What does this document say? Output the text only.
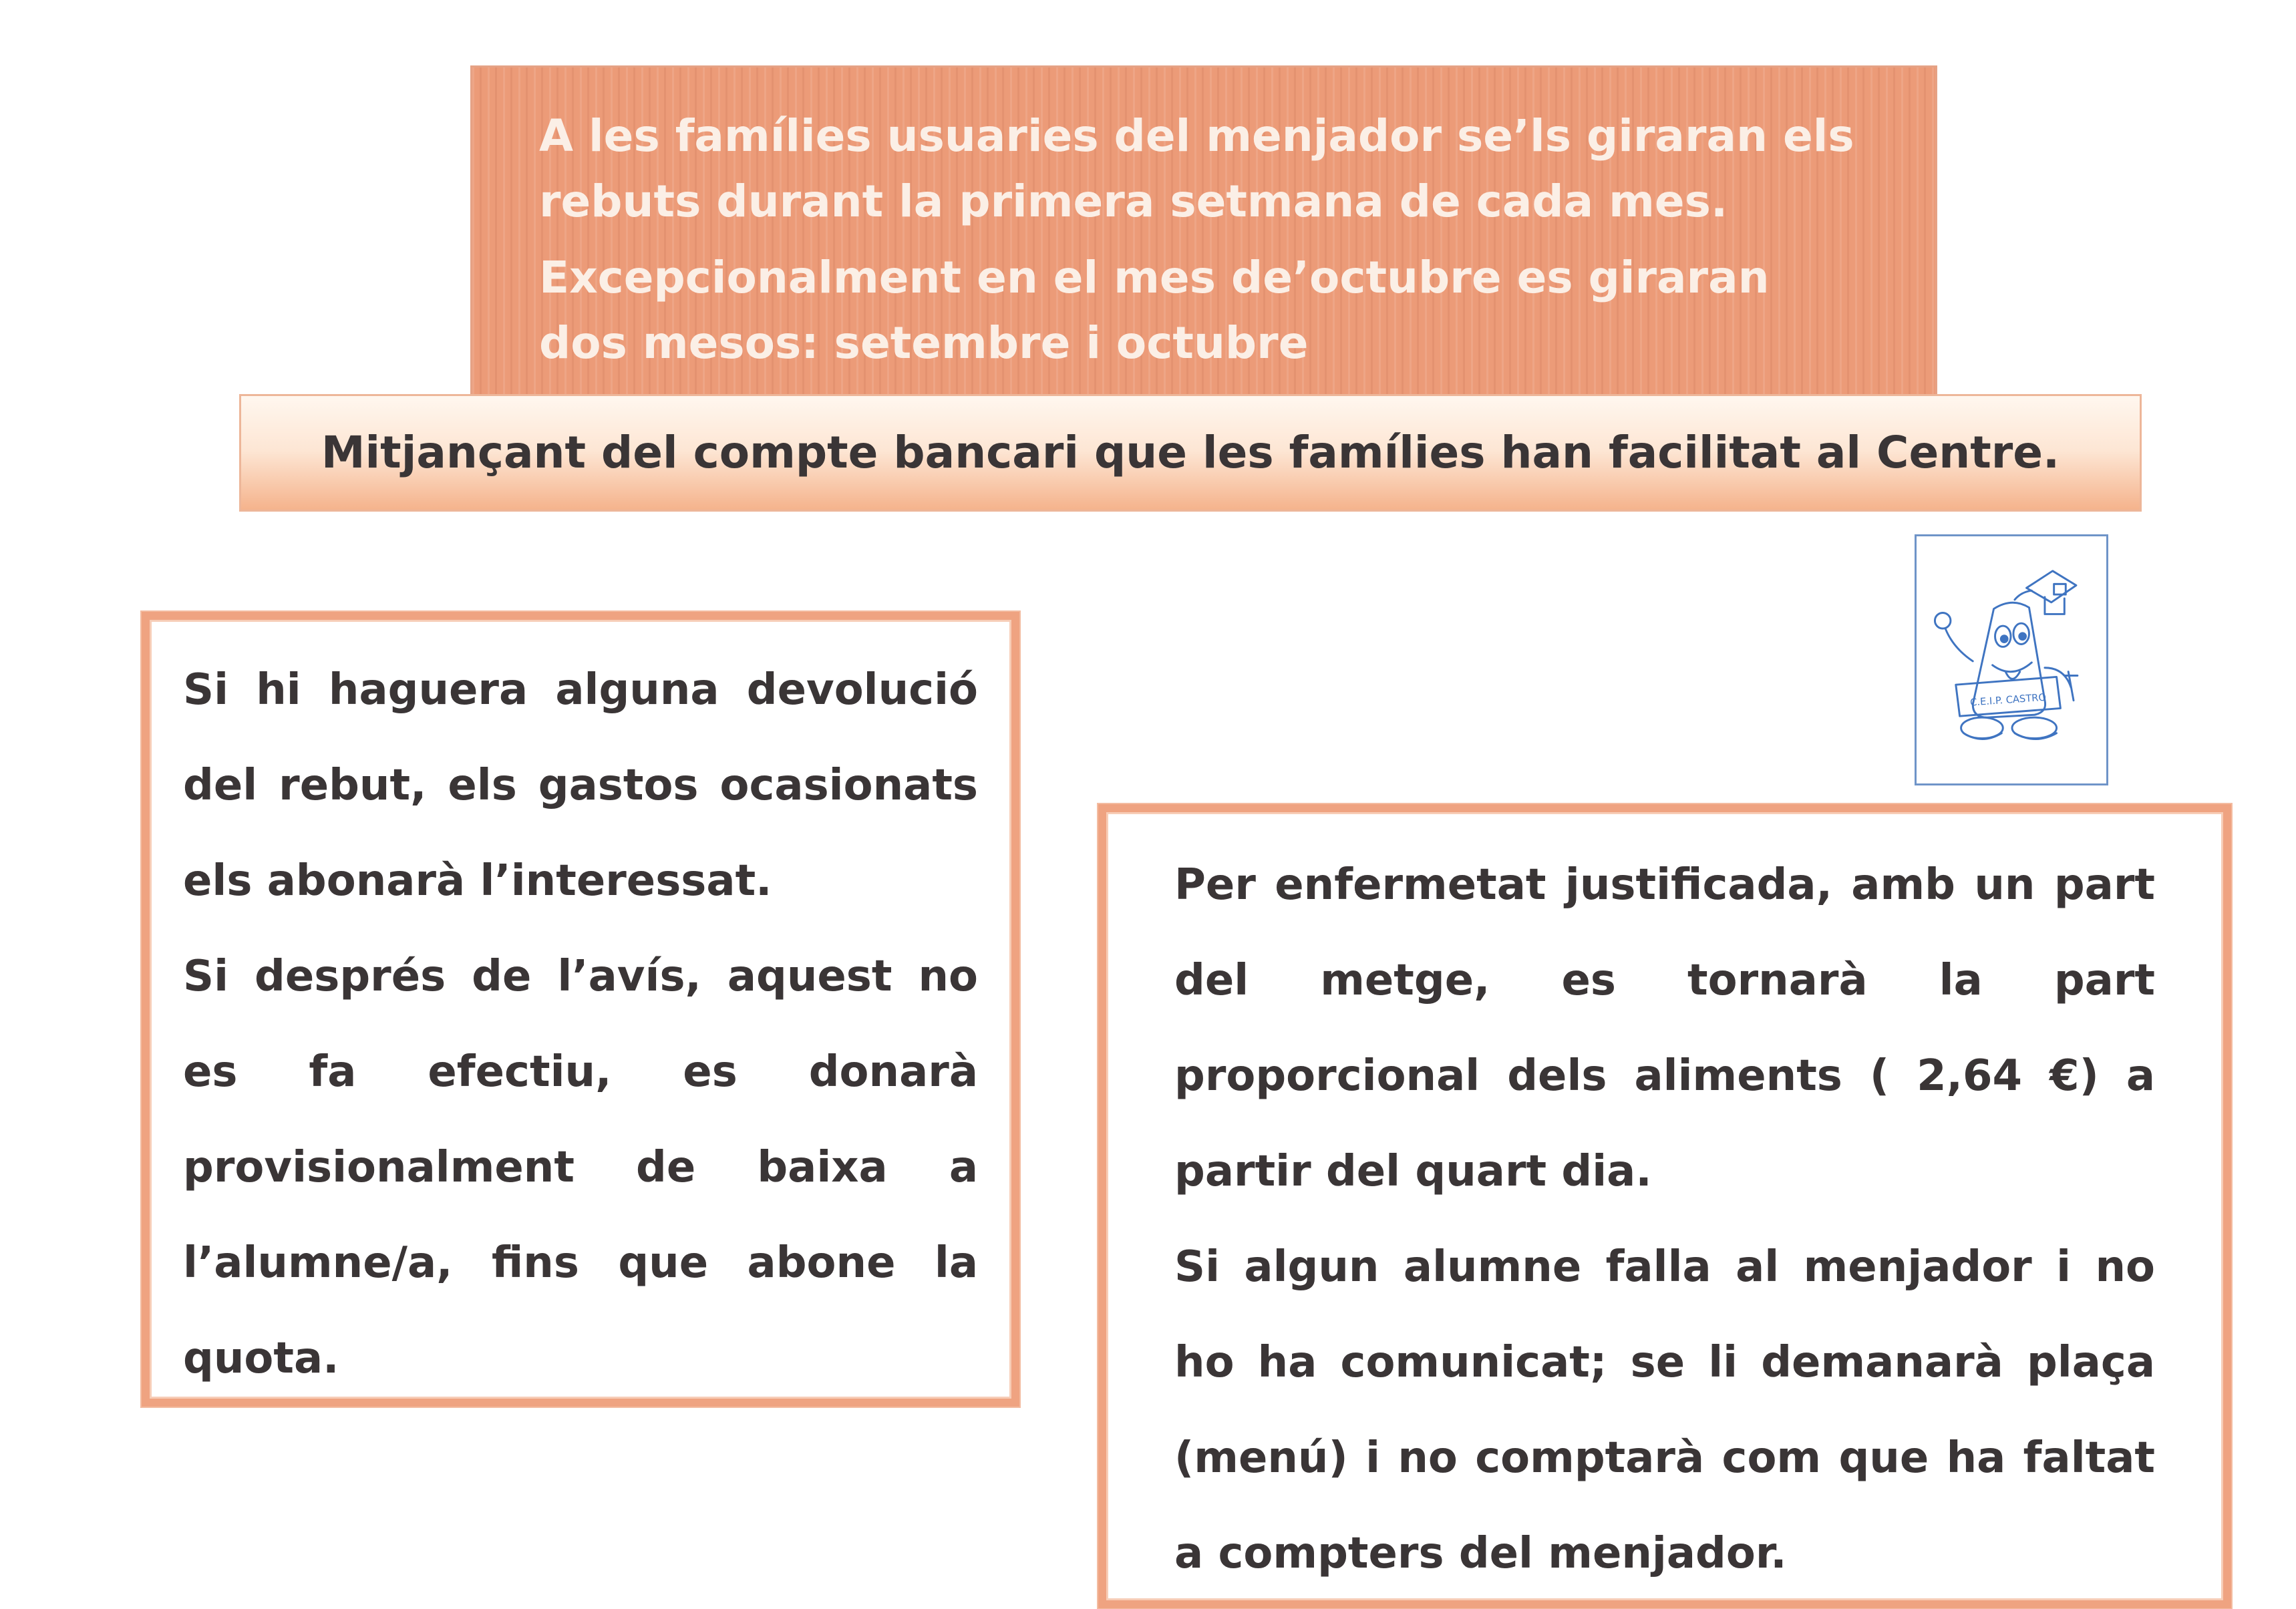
A les famílies usuaries del menjador se’ls giraran els rebuts durant la primera setmana de cada mes.

Excepcionalment en el mes de’octubre es giraran dos mesos: setembre i octubre

Mitjançant del compte bancari que les famílies han facilitat al Centre.
C.E.I.P. CASTRO

Si hi haguera alguna devolució del rebut, els gastos ocasionats els abonarà l’interessat.

Si després de l’avís, aquest no es fa efectiu, es donarà provisionalment de baixa a l’alumne/a, fins que abone la quota.

Per enfermetat justificada, amb un part del metge, es tornarà la part proporcional dels aliments ( 2,64 €) a partir del quart dia.

Si algun alumne falla al menjador i no ho ha comunicat; se li demanarà plaça (menú) i no comptarà com que ha faltat a compters del menjador.
